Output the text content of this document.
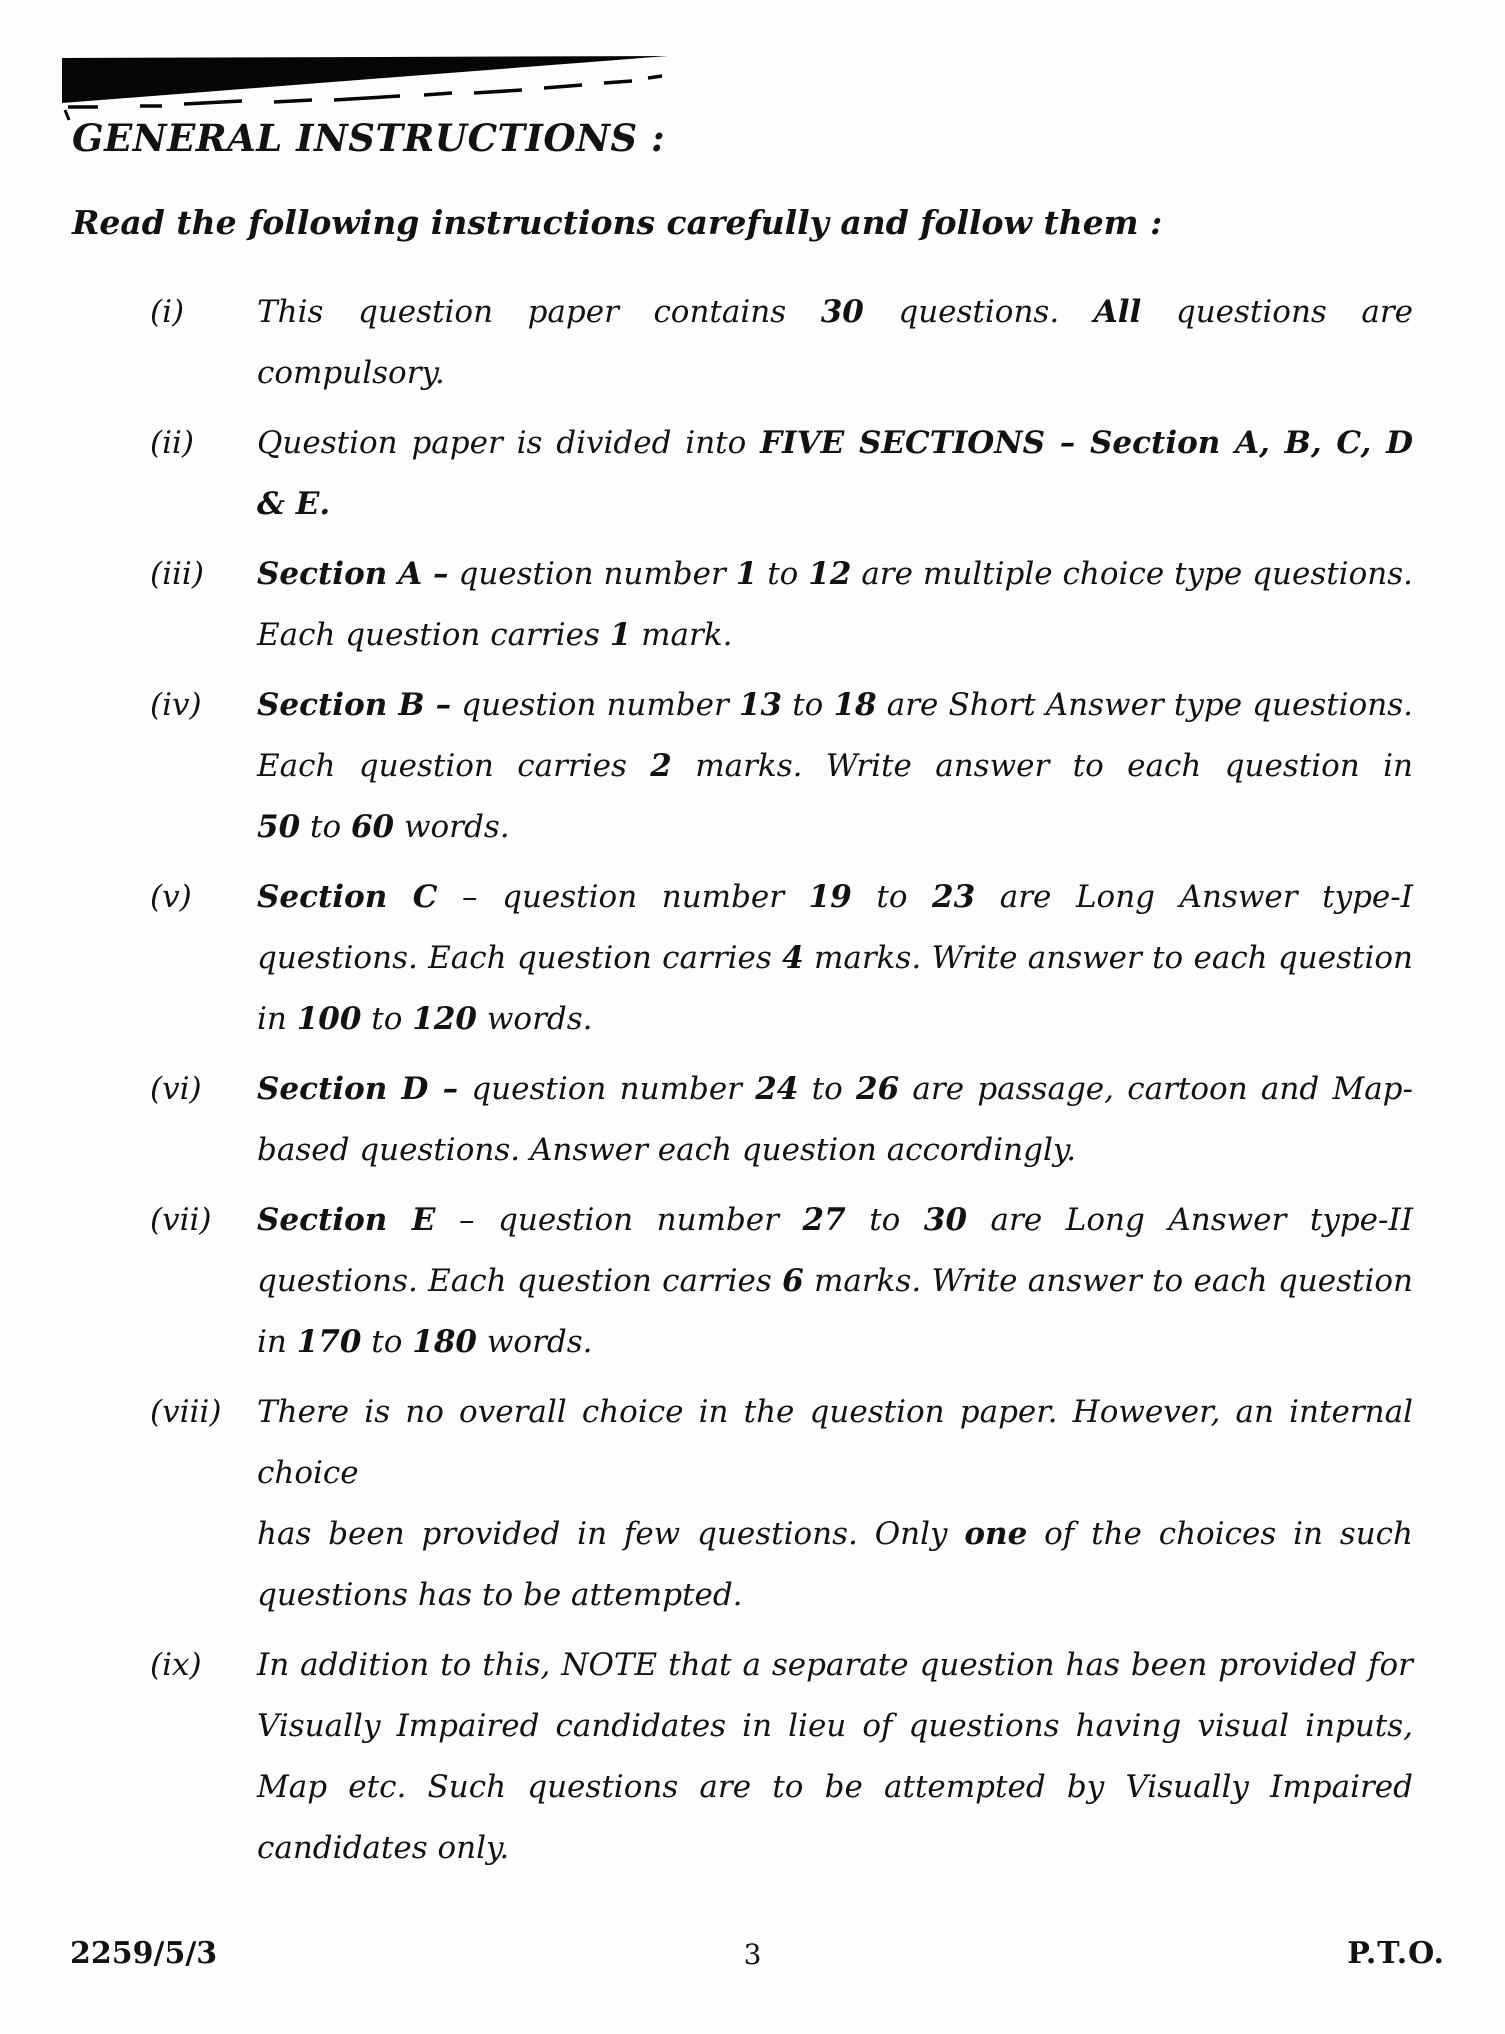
GENERAL INSTRUCTIONS :
Read the following instructions carefully and follow them :
(i)	This question paper contains 30 questions. All questions are
compulsory.
(ii)	Question paper is divided into FIVE SECTIONS – Section A, B, C, D
& E.
(iii)	Section A – question number 1 to 12 are multiple choice type questions.
Each question carries 1 mark.
(iv)	Section B – question number 13 to 18 are Short Answer type questions.
Each question carries 2 marks. Write answer to each question in
50 to 60 words.
(v)	Section C – question number 19 to 23 are Long Answer type-I
questions. Each question carries 4 marks. Write answer to each question
in 100 to 120 words.
(vi)	Section D – question number 24 to 26 are passage, cartoon and Map-
based questions. Answer each question accordingly.
(vii)	Section E – question number 27 to 30 are Long Answer type-II
questions. Each question carries 6 marks. Write answer to each question
in 170 to 180 words.
(viii)	There is no overall choice in the question paper. However, an internal choice
has been provided in few questions. Only one of the choices in such
questions has to be attempted.
(ix)	In addition to this, NOTE that a separate question has been provided for
Visually Impaired candidates in lieu of questions having visual inputs,
Map etc. Such questions are to be attempted by Visually Impaired
candidates only.
2259/5/3	3	P.T.O.
